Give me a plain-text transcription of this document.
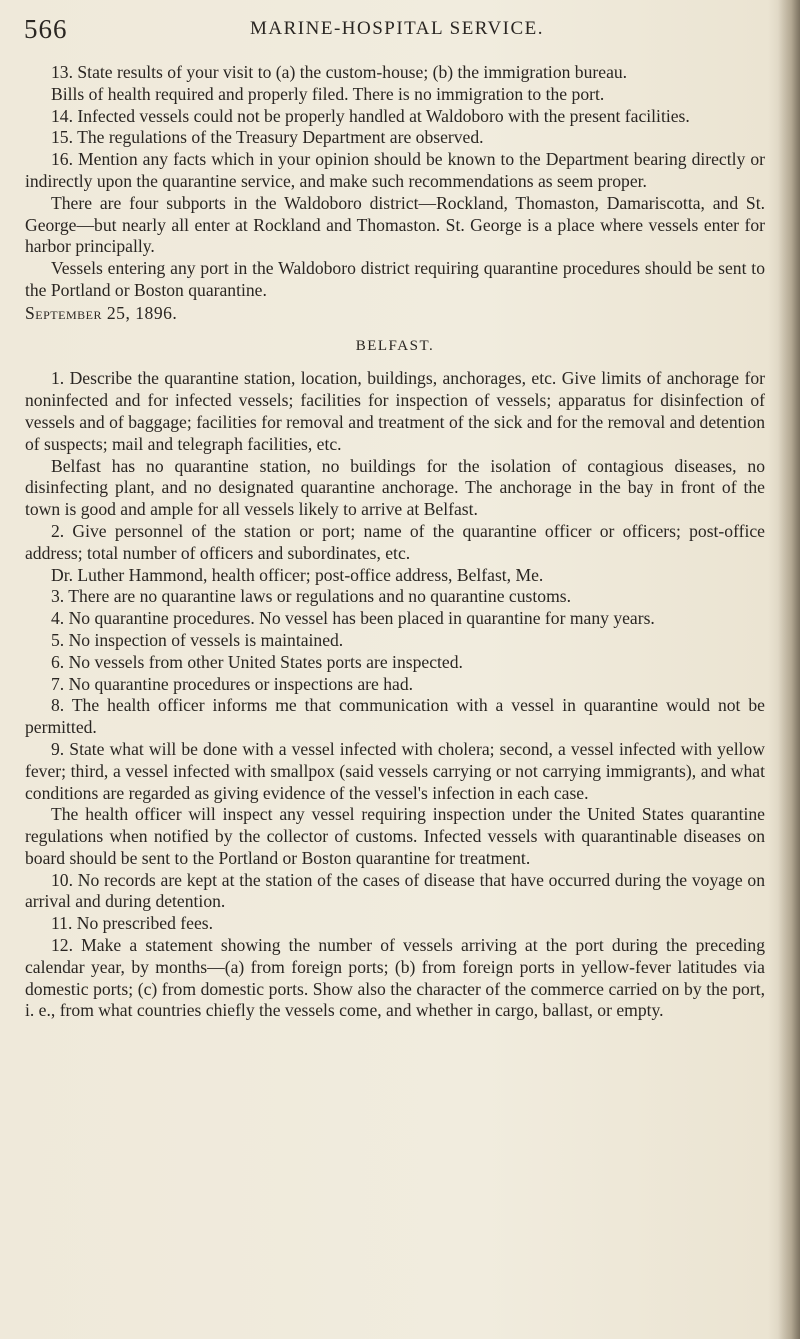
566	MARINE-HOSPITAL SERVICE.

13. State results of your visit to (a) the custom-house; (b) the immigration bureau.

Bills of health required and properly filed. There is no immigration to the port.

14. Infected vessels could not be properly handled at Waldoboro with the present facilities.

15. The regulations of the Treasury Department are observed.

16. Mention any facts which in your opinion should be known to the Department bearing directly or indirectly upon the quarantine service, and make such recommendations as seem proper.

There are four subports in the Waldoboro district—Rockland, Thomaston, Damariscotta, and St. George—but nearly all enter at Rockland and Thomaston. St. George is a place where vessels enter for harbor principally.

Vessels entering any port in the Waldoboro district requiring quarantine procedures should be sent to the Portland or Boston quarantine.

September 25, 1896.

BELFAST.

1. Describe the quarantine station, location, buildings, anchorages, etc. Give limits of anchorage for noninfected and for infected vessels; facilities for inspection of vessels; apparatus for disinfection of vessels and of baggage; facilities for removal and treatment of the sick and for the removal and detention of suspects; mail and telegraph facilities, etc.

Belfast has no quarantine station, no buildings for the isolation of contagious diseases, no disinfecting plant, and no designated quarantine anchorage. The anchorage in the bay in front of the town is good and ample for all vessels likely to arrive at Belfast.

2. Give personnel of the station or port; name of the quarantine officer or officers; post-office address; total number of officers and subordinates, etc.

Dr. Luther Hammond, health officer; post-office address, Belfast, Me.

3. There are no quarantine laws or regulations and no quarantine customs.

4. No quarantine procedures. No vessel has been placed in quarantine for many years.

5. No inspection of vessels is maintained.

6. No vessels from other United States ports are inspected.

7. No quarantine procedures or inspections are had.

8. The health officer informs me that communication with a vessel in quarantine would not be permitted.

9. State what will be done with a vessel infected with cholera; second, a vessel infected with yellow fever; third, a vessel infected with smallpox (said vessels carrying or not carrying immigrants), and what conditions are regarded as giving evidence of the vessel's infection in each case.

The health officer will inspect any vessel requiring inspection under the United States quarantine regulations when notified by the collector of customs. Infected vessels with quarantinable diseases on board should be sent to the Portland or Boston quarantine for treatment.

10. No records are kept at the station of the cases of disease that have occurred during the voyage on arrival and during detention.

11. No prescribed fees.

12. Make a statement showing the number of vessels arriving at the port during the preceding calendar year, by months—(a) from foreign ports; (b) from foreign ports in yellow-fever latitudes via domestic ports; (c) from domestic ports. Show also the character of the commerce carried on by the port, i. e., from what countries chiefly the vessels come, and whether in cargo, ballast, or empty.
